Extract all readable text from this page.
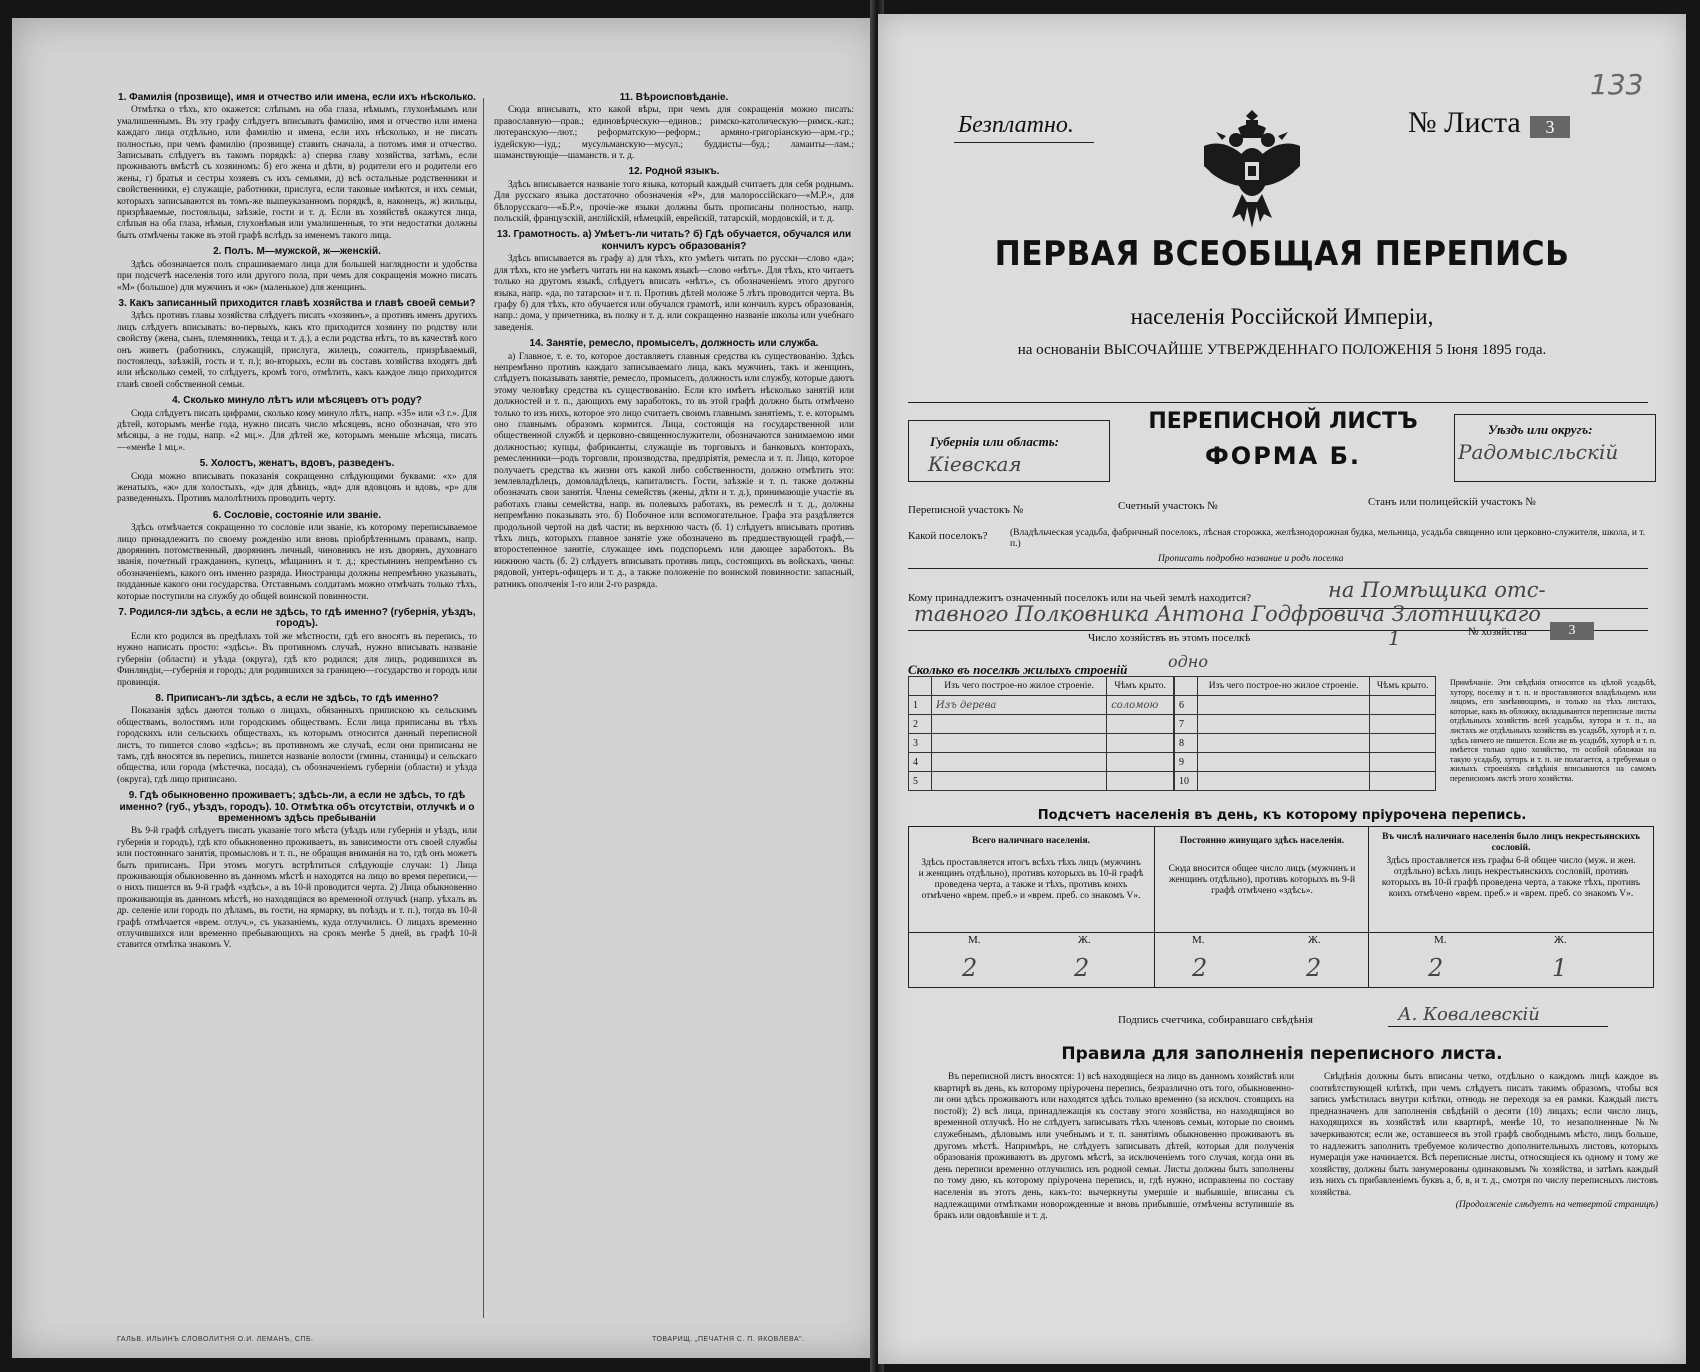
1. Фамилія (прозвище), имя и отчество или имена, если ихъ нѣсколько.

Отмѣтка о тѣхъ, кто окажется: слѣпымъ на оба глаза, нѣмымъ, глухонѣмымъ или умалишеннымъ. Въ эту графу слѣдуетъ вписывать фамилію, имя и отчество или имена каждаго лица отдѣльно, или фамилію и имена, если ихъ нѣсколько, и не писать полностью, при чемъ фамилію (прозвище) ставить сначала, а потомъ имя и отчество. Записывать слѣдуетъ въ такомъ порядкѣ: а) сперва главу хозяйства, затѣмъ, если проживаютъ вмѣстѣ съ хозяиномъ: б) его жена и дѣти, в) родители его и родители его жены, г) братья и сестры хозяевъ съ ихъ семьями, д) всѣ остальные родственники и свойственники, е) служащіе, работники, прислуга, если таковые имѣются, и ихъ семьи, которыхъ записываются въ томъ-же вышеуказанномъ порядкѣ, в, наконецъ, ж) жильцы, призрѣваемые, постояльцы, заѣзжіе, гости и т. д. Если въ хозяйствѣ окажутся лица, слѣпыя на оба глаза, нѣмыя, глухонѣмыя или умалишенныя, то эти недостатки должны быть отмѣчены также въ этой графѣ вслѣдъ за именемъ такого лица.

2. Полъ. М—мужской, ж—женскій.

Здѣсь обозначается полъ спрашиваемаго лица для большей наглядности и удобства при подсчетѣ населенія того или другого пола, при чемъ для сокращенія можно писать «М» (большое) для мужчинъ и «ж» (маленькое) для женщинъ.

3. Какъ записанный приходится главѣ хозяйства и главѣ своей семьи?

Здѣсь противъ главы хозяйства слѣдуетъ писать «хозяинъ», а противъ именъ другихъ лицъ слѣдуетъ вписывать: во-первыхъ, какъ кто приходится хозяину по родству или свойству (жена, сынъ, племянникъ, теща и т. д.), а если родства нѣтъ, то въ качествѣ кого онъ живетъ (работникъ, служащій, прислуга, жилецъ, сожитель, призрѣваемый, постоялецъ, заѣзжій, гость и т. п.); во-вторыхъ, если въ составъ хозяйства входятъ двѣ или нѣсколько семей, то слѣдуетъ, кромѣ того, отмѣтить, какъ каждое лицо приходится главѣ своей собственной семьи.

4. Сколько минуло лѣтъ или мѣсяцевъ отъ роду?

Сюда слѣдуетъ писать цифрами, сколько кому минуло лѣтъ, напр. «35» или «3 г.». Для дѣтей, которымъ менѣе года, нужно писать число мѣсяцевъ, ясно обозначая, что это мѣсяцы, а не годы, напр. «2 мц.». Для дѣтей же, которымъ меньше мѣсяца, писать—«менѣе 1 мц.».

5. Холостъ, женатъ, вдовъ, разведенъ.

Сюда можно вписывать показанія сокращенно слѣдующими буквами: «х» для женатыхъ, «ж» для холостыхъ, «д» для дѣвицъ, «вд» для вдовцовъ и вдовъ, «р» для разведенныхъ. Противъ малолѣтнихъ проводить черту.

6. Сословіе, состояніе или званіе.

Здѣсь отмѣчается сокращенно то сословіе или званіе, къ которому переписываемое лицо принадлежитъ по своему рожденію или вновь пріобрѣтеннымъ правамъ, напр. дворянинъ потомственный, дворянинъ личный, чиновникъ не изъ дворянъ, духовнаго званія, почетный гражданинъ, купецъ, мѣщанинъ и т. д.; крестьянинъ непремѣнно съ обозначеніемъ, какого онъ именно разряда. Иностранцы должны непремѣнно указывать, подданные какого они государства. Отставнымъ солдатамъ можно отмѣчать только тѣхъ, которые поступили на службу до общей воинской повинности.

7. Родился-ли здѣсь, а если не здѣсь, то гдѣ именно? (губернія, уѣздъ, городъ).

Если кто родился въ предѣлахъ той же мѣстности, гдѣ его вносятъ въ перепись, то нужно написать просто: «здѣсь». Въ противномъ случаѣ, нужно вписывать названіе губерніи (области) и уѣзда (округа), гдѣ кто родился; для лицъ, родившихся въ Финляндіи,—губернія и городъ; для родившихся за границею—государство и городъ или провинція.

8. Приписанъ-ли здѣсь, а если не здѣсь, то гдѣ именно?

Показанія здѣсь даются только о лицахъ, обязанныхъ припискою къ сельскимъ обществамъ, волостямъ или городскимъ обществамъ. Если лица приписаны въ тѣхъ городскихъ или сельскихъ обществахъ, къ которымъ относится данный переписной листъ, то пишется слово «здѣсь»; въ противномъ же случаѣ, если они приписаны не тамъ, гдѣ вносятся въ перепись, пишется названіе волости (гмины, станицы) и сельскаго общества, или города (мѣстечка, посада), съ обозначеніемъ губерніи (области) и уѣзда (округа), гдѣ лицо приписано.

9. Гдѣ обыкновенно проживаетъ; здѣсь-ли, а если не здѣсь, то гдѣ именно? (губ., уѣздъ, городъ). 10. Отмѣтка объ отсутствіи, отлучкѣ и о временномъ здѣсь пребываніи

Въ 9-й графѣ слѣдуетъ писать указаніе того мѣста (уѣздъ или губернія и уѣздъ, или губернія и городъ), гдѣ кто обыкновенно проживаетъ, въ зависимости отъ своей службы или постояннаго занятія, промысловъ и т. п., не обращая вниманія на то, гдѣ онъ можетъ быть приписанъ. При этомъ могутъ встрѣтиться слѣдующіе случаи: 1) Лица проживающія обыкновенно въ данномъ мѣстѣ и находятся на лицо во время переписи,—о нихъ пишется въ 9-й графѣ «здѣсь», а въ 10-й проводится черта. 2) Лица обыкновенно проживающія въ данномъ мѣстѣ, но находящіяся во временной отлучкѣ (напр. уѣхалъ въ др. селеніе или городъ по дѣламъ, въ гости, на ярмарку, въ поѣздъ и т. п.), тогда въ 10-й графѣ отмѣчается «врем. отлуч.», съ указаніемъ, куда отлучились. О лицахъ временно отлучившихся или временно пребывающихъ на срокъ менѣе 5 дней, въ графѣ 10-й ставится отмѣтка знакомъ V.

11. Вѣроисповѣданіе.

Сюда вписывать, кто какой вѣры, при чемъ для сокращенія можно писать: православную—прав.; единовѣрческую—единов.; римско-католическую—римск.-кат.; лютеранскую—лют.; реформатскую—реформ.; армяно-григоріанскую—арм.-гр.; іудейскую—іуд.; мусульманскую—мусул.; буддисты—буд.; ламаиты—лам.; шаманствующіе—шаманств. и т. д.

12. Родной языкъ.

Здѣсь вписывается названіе того языка, который каждый считаетъ для себя роднымъ. Для русскаго языка достаточно обозначенія «Р», для малороссійскаго—«М.Р.», для бѣлорусскаго—«Б.Р.», прочіе-же языки должны быть прописаны полностью, напр. польскій, французскій, англійскій, нѣмецкій, еврейскій, татарскій, мордовскій, и т. д.

13. Грамотность. а) Умѣетъ-ли читать? б) Гдѣ обучается, обучался или кончилъ курсъ образованія?

Здѣсь вписывается въ графу а) для тѣхъ, кто умѣетъ читать по русски—слово «да»; для тѣхъ, кто не умѣетъ читать ни на какомъ языкѣ—слово «нѣтъ». Для тѣхъ, кто читаетъ только на другомъ языкѣ, слѣдуетъ вписать «нѣтъ», съ обозначеніемъ этого другого языка, напр. «да, по татарски» и т. п. Противъ дѣтей моложе 5 лѣтъ проводится черта. Въ графу б) для тѣхъ, кто обучается или обучался грамотѣ, или кончилъ курсъ образованія, напр.: дома, у причетника, въ полку и т. д. или сокращенно названіе школы или учебнаго заведенія.

14. Занятіе, ремесло, промыселъ, должность или служба.

а) Главное, т. е. то, которое доставляетъ главныя средства къ существованію. Здѣсь непремѣнно противъ каждаго записываемаго лица, какъ мужчинъ, такъ и женщинъ, слѣдуетъ показывать занятіе, ремесло, промыселъ, должность или службу, которые даютъ этому человѣку средства къ существованію. Если кто имѣетъ нѣсколько занятій или должностей и т. п., дающихъ ему заработокъ, то въ этой графѣ должно быть отмѣчено только то изъ нихъ, которое это лицо считаетъ своимъ главнымъ занятіемъ, т. е. которымъ оно главнымъ образомъ кормится. Лица, состоящія на государственной или общественной службѣ и церковно-священнослужители, обозначаются занимаемою ими должностью; купцы, фабриканты, служащіе въ торговыхъ и банковыхъ конторахъ, ремесленники—родъ торговли, производства, предпріятія, ремесла и т. п. Лицо, которое получаетъ средства къ жизни отъ какой либо собственности, должно отмѣтить это: землевладѣлецъ, домовладѣлецъ, капиталистъ. Гости, заѣзжіе и т. п. также должны обозначать свои занятія. Члены семействъ (жены, дѣти и т. д.), принимающіе участіе въ работахъ главы семейства, напр. въ полевыхъ работахъ, въ ремеслѣ и т. д., должны непремѣнно показывать это. б) Побочное или вспомогательное. Графа эта раздѣляется продольной чертой на двѣ части; въ верхнюю часть (б. 1) слѣдуетъ вписывать противъ тѣхъ лицъ, которыхъ главное занятіе уже обозначено въ предшествующей графѣ,—второстепенное занятіе, служащее имъ подспорьемъ или дающее заработокъ. Въ нижнюю часть (б. 2) слѣдуетъ вписывать противъ лицъ, состоящихъ въ войскахъ, чины: рядовой, унтеръ-офицеръ и т. д., а также положеніе по воинской повинности: запасный, ратникъ ополченія 1-го или 2-го разряда.

ГАЛЬВ. ИЛЬИНЪ СЛОВОЛИТНЯ О.И. ЛЕМАНЪ, СПБ.	ТОВАРИЩ. „ПЕЧАТНЯ С. П. ЯКОВЛЕВА".
133
Безплатно.	№ Листа	3
ПЕРВАЯ ВСЕОБЩАЯ ПЕРЕПИСЬ
населенія Россійской Имперіи,
на основаніи ВЫСОЧАЙШЕ УТВЕРЖДЕННАГО ПОЛОЖЕНІЯ 5 Іюня 1895 года.
Губернія или область:
Кіевская
ПЕРЕПИСНОЙ ЛИСТЪ
ФОРМА Б.
Уѣздъ или округъ:
Радомысльскій
Переписной участокъ №	Счетный участокъ №	Станъ или полицейскій участокъ №
Какой поселокъ? (Владѣльческая усадьба, фабричный поселокъ, лѣсная сторожка, желѣзнодорожная будка, мельница, усадьба священно или церковно-служителя, школа, и т. п.)
Прописать подробно название и родъ поселка
Кому принадлежитъ означенный поселокъ или на чьей землѣ находится?	на Помѣщика отс-
тавного Полковника Антона Годфровича Злотницкаго
Число хозяйствъ въ этомъ поселкѣ	1	№ хозяйства	3
Сколько въ поселкѣ жилыхъ строеній	одно
	Изъ чего построе-но жилое строеніе.	Чѣмъ крыто.
1	Изъ дерева	соломою
2		
3		
4		
5		
	Изъ чего построе-но жилое строеніе.	Чѣмъ крыто.
6		
7		
8		
9		
10		
Примѣчаніе. Эти свѣдѣнія относятся къ цѣлой усадьбѣ, хутору, поселку и т. п. и проставляются владѣльцемъ или лицомъ, его замѣняющимъ, и только на тѣхъ листахъ, которые, какъ въ обложку, вкладываются переписные листы отдѣльныхъ хозяйствъ всей усадьбы, хутора и т. п., на листахъ же отдѣльныхъ хозяйствъ въ усадьбѣ, хуторѣ и т. п. здѣсь ничего не пишется. Если же въ усадьбѣ, хуторѣ и т. п. имѣется только одно хозяйство, то особой обложки на такую усадьбу, хуторъ и т. п. не полагается, а требуемыя о жилыхъ строеніяхъ свѣдѣнія вписываются на самомъ переписномъ листѣ этого хозяйства.
Подсчетъ населенія въ день, къ которому пріурочена перепись.
Всего наличнаго населенія.
Здѣсь проставляется итогъ всѣхъ тѣхъ лицъ (мужчинъ и женщинъ отдѣльно), противъ которыхъ въ 10-й графѣ проведена черта, а также и тѣхъ, противъ коихъ отмѣчено «врем. преб.» и «врем. преб. со знакомъ V».
М.	Ж.
2	2
Постоянно живущаго здѣсь населенія.
Сюда вносится общее число лицъ (мужчинъ и женщинъ отдѣльно), противъ которыхъ въ 9-й графѣ отмѣчено «здѣсь».
М.	Ж.
2	2
Въ числѣ наличнаго населенія было лицъ некрестьянскихъ сословій.
Здѣсь проставляется изъ графы 6-й общее число (муж. и жен. отдѣльно) всѣхъ лицъ некрестьянскихъ сословій, противъ которыхъ въ 10-й графѣ проведена черта, а также тѣхъ, противъ коихъ отмѣчено «врем. преб.» и «врем. преб. со знакомъ V».
М.	Ж.
2	1
Подпись счетчика, собиравшаго свѣдѣнія	А. Ковалевскій
Правила для заполненія переписного листа.

Въ переписной листъ вносятся: 1) всѣ находящіеся на лицо въ данномъ хозяйствѣ или квартирѣ въ день, къ которому пріурочена перепись, безразлично отъ того, обыкновенно-ли они здѣсь проживаютъ или находятся здѣсь только временно (за исключ. стоящихъ на постой); 2) всѣ лица, принадлежащія къ составу этого хозяйства, но находящіяся во временной отлучкѣ. Но не слѣдуетъ записывать тѣхъ членовъ семьи, которые по своимъ служебнымъ, дѣловымъ или учебнымъ и т. п. занятіямъ обыкновенно проживаютъ въ другомъ мѣстѣ. Напримѣръ, не слѣдуетъ записывать дѣтей, которыя для полученія образованія проживаютъ въ другомъ мѣстѣ, за исключеніемъ того случая, когда они въ день переписи временно отлучились изъ родной семьи. Листы должны быть заполнены по тому дню, къ которому пріурочена перепись, и, гдѣ нужно, исправлены по составу населенія въ этотъ день, какъ-то: вычеркнуты умершіе и выбывшіе, вписаны съ надлежащими отмѣтками новорожденные и вновь прибывшіе, отмѣчены вступившіе въ бракъ или овдовѣвшіе и т. д.

Свѣдѣнія должны быть вписаны четко, отдѣльно о каждомъ лицѣ каждое въ соотвѣтствующей клѣткѣ, при чемъ слѣдуетъ писать такимъ образомъ, чтобы вся запись умѣстилась внутри клѣтки, отнюдь не переходя за ея рамки. Каждый листъ предназначенъ для заполненія свѣдѣній о десяти (10) лицахъ; если число лицъ, находящихся въ хозяйствѣ или квартирѣ, менѣе 10, то незаполненные №№ зачеркиваются; если же, оставшееся въ этой графѣ свободнымъ мѣсто, лицъ больше, то надлежитъ заполнить требуемое количество дополнительныхъ листовъ, которыхъ нумерація уже начинается. Всѣ переписные листы, относящіеся къ одному и тому же хозяйству, должны быть занумерованы одинаковымъ № хозяйства, и затѣмъ каждый изъ нихъ съ прибавленіемъ буквъ а, б, в, и т. д., смотря по числу переписныхъ листовъ хозяйства.

(Продолженіе слѣдуетъ на четвертой страницѣ)
